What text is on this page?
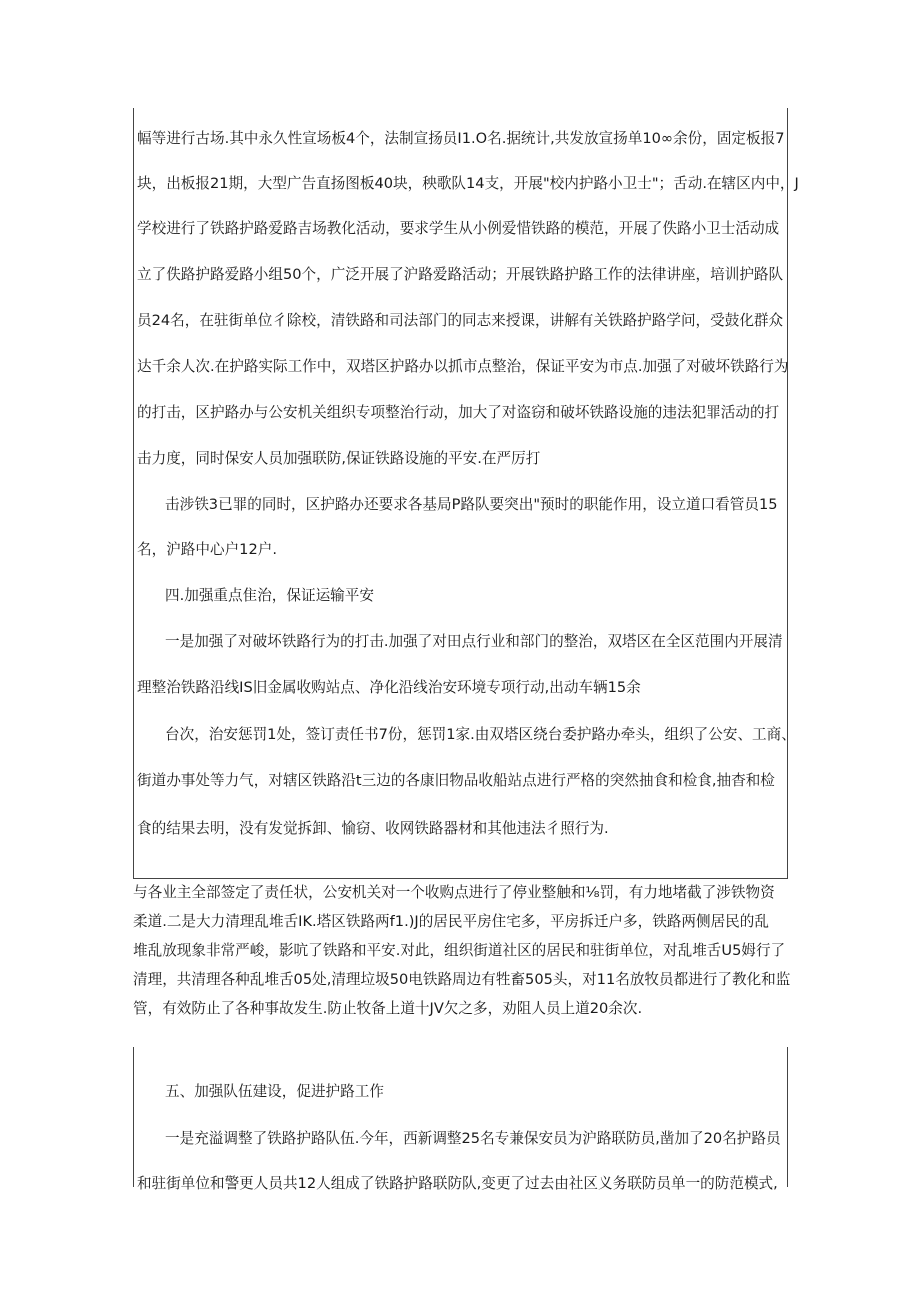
幅等进行古场.其中永久性宣场板4个，法制宣扬员I1.O名.据统计,共发放宣扬单10∞余份，固定板报7
块，出板报21期，大型广告直扬图板40块，秧歌队14支，开展"校内护路小卫士"；舌动.在辖区内中，J
学校进行了铁路护路爱路吉场教化活动，要求学生从小例爱惜铁路的模范，开展了佚路小卫士活动成
立了佚路护路爱路小组50个，广泛开展了沪路爱路活动；开展铁路护路工作的法律讲座，培训护路队
员24名，在驻街单位彳除校，清铁路和司法部门的同志来授课，讲解有关铁路护路学问，受鼓化群众
达千余人次.在护路实际工作中，双塔区护路办以抓市点整治，保证平安为市点.加强了对破坏铁路行为
的打击，区护路办与公安机关组织专项整治行动，加大了对盗窃和破坏铁路设施的违法犯罪活动的打
击力度，同时保安人员加强联防,保证铁路设施的平安.在严厉打
击涉铁3已罪的同时，区护路办还要求各基局P路队要突出"预时的职能作用，设立道口看管员15
名，沪路中心户12户.
四.加强重点隹治，保证运输平安
一是加强了对破坏铁路行为的打击.加强了对田点行业和部门的整治，双塔区在全区范围内开展清
理整治铁路沿线IS旧金属收购站点、净化沿线治安环境专项行动,出动车辆15余
台次，治安惩罚1处，签订责任书7份，惩罚1家.由双塔区绕台委护路办牵头，组织了公安、工商、
街道办事处等力气，对辖区铁路沿t三边的各康旧物品收船站点进行严格的突然抽食和检食,抽杳和检
食的结果去明，没有发觉拆卸、愉窃、收网铁路器材和其他违法彳照行为.
与各业主全部签定了责任状，公安机关对一个收购点进行了停业整触和⅛罚，有力地堵截了涉铁物资
柔道.二是大力清理乱堆舌IK.塔区铁路两f1.)J的居民平房住宅多，平房拆迁户多，铁路两侧居民的乱
堆乱放现象非常严峻，影吭了铁路和平安.对此，组织街道社区的居民和驻街单位，对乱堆舌U5姆行了
清理，共清理各种乱堆舌05处,清理垃圾50电铁路周边有牲畜505头，对11名放牧员都进行了教化和监
管，有效防止了各种事故发生.防止牧备上道十JV欠之多，劝阻人员上道20余次.
五、加强队伍建设，促进护路工作
一是充溢调整了铁路护路队伍.今年，西新调整25名专兼保安员为沪路联防员,凿加了20名护路员
和驻街单位和警更人员共12人组成了铁路护路联防队,变更了过去由社区义务联防员单一的防范模式,
